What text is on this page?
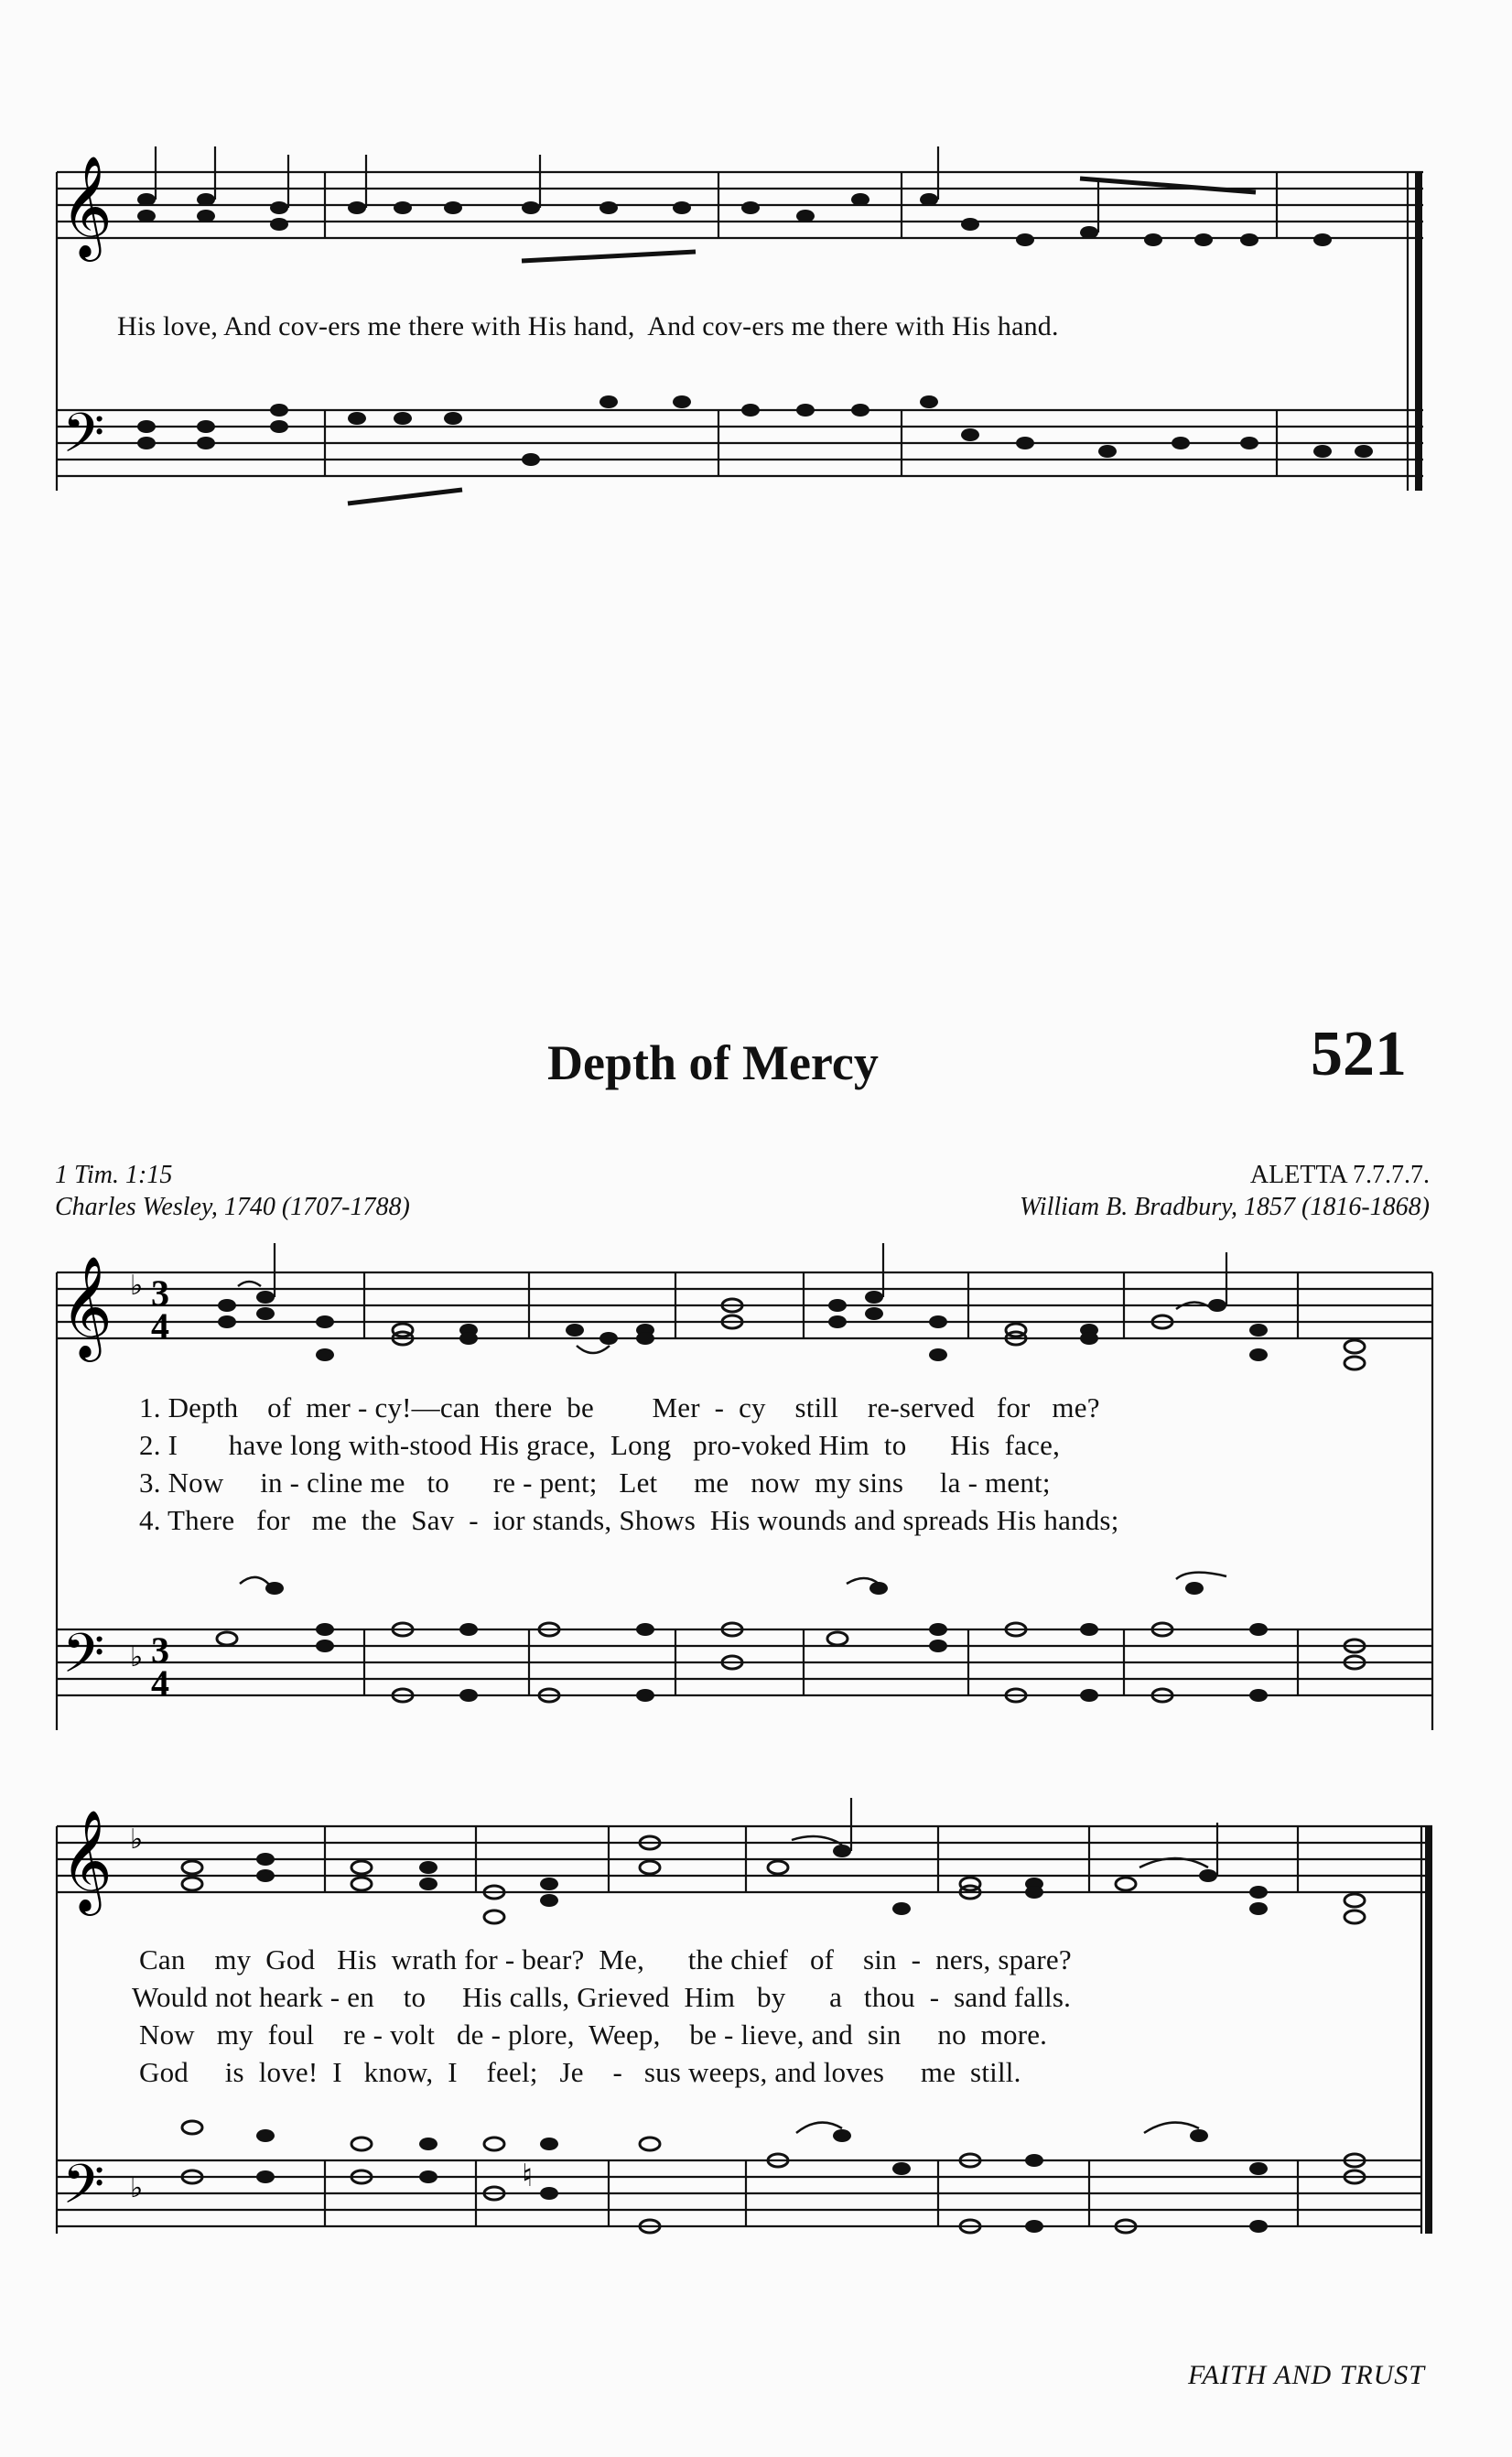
𝄞
His love, And cov-ers me there with His hand,  And cov-ers me there with His hand.
𝄢
Depth of Mercy	521
1 Tim. 1:15
Charles Wesley, 1740 (1707-1788)
ALETTA 7.7.7.7.
William B. Bradbury, 1857 (1816-1868)
𝄞 ♭ 3
4
1. Depth    of  mer - cy!—can  there  be        Mer  -  cy    still    re-served   for   me?
2. I       have long with-stood His grace,  Long   pro-voked Him  to      His  face,
3. Now     in - cline me   to      re - pent;   Let     me   now  my sins     la - ment;
4. There   for   me  the  Sav  -  ior stands, Shows  His wounds and spreads His hands;
𝄢 ♭ 3
4
𝄞 ♭
Can    my  God   His  wrath for - bear?  Me,      the chief   of    sin  -  ners, spare?
Would not heark - en    to     His calls, Grieved  Him   by      a   thou  -  sand falls.
Now   my  foul    re - volt   de - plore,  Weep,    be - lieve, and  sin     no  more.
God     is  love!  I   know,  I    feel;   Je    -   sus weeps, and loves     me  still.
𝄢 ♭	♮
FAITH AND TRUST
